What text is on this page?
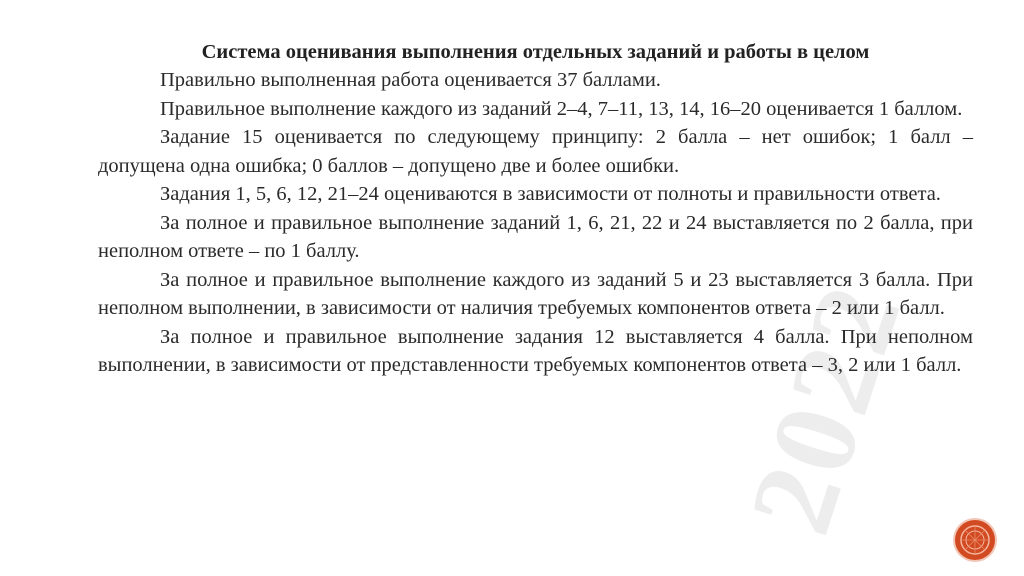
2022
Система оценивания выполнения отдельных заданий и работы в целом

Правильно выполненная работа оценивается 37 баллами.

Правильное выполнение каждого из заданий 2–4, 7–11, 13, 14, 16–20 оценивается 1 баллом.

Задание 15 оценивается по следующему принципу: 2 балла – нет ошибок; 1 балл – допущена одна ошибка; 0 баллов – допущено две и более ошибки.

Задания 1, 5, 6, 12, 21–24 оцениваются в зависимости от полноты и правильности ответа.

За полное и правильное выполнение заданий 1, 6, 21, 22 и 24 выставляется по 2 балла, при неполном ответе – по 1 баллу.

За полное и правильное выполнение каждого из заданий 5 и 23 выставляется 3 балла. При неполном выполнении, в зависимости от наличия требуемых компонентов ответа – 2 или 1 балл.

За полное и правильное выполнение задания 12 выставляется 4 балла. При неполном выполнении, в зависимости от представленности требуемых компонентов ответа – 3, 2 или 1 балл.
